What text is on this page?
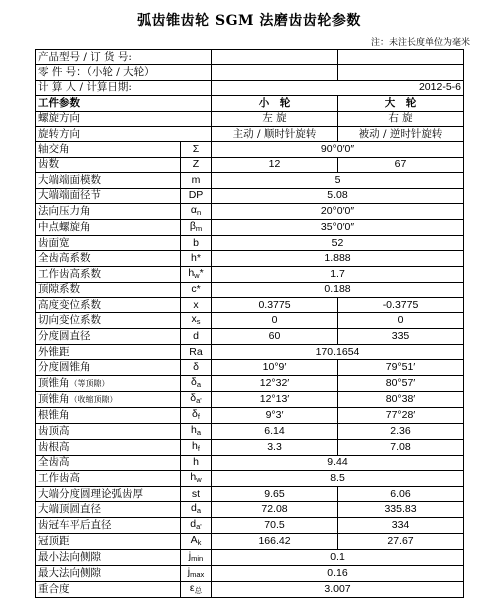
弧齿锥齿轮 SGM 法磨齿齿轮参数
注：未注长度单位为毫米
产品型号 / 订 货 号:			
零 件 号：（小轮 / 大轮）			
计 算 人 / 计算日期:		2012-5-6	
工件参数		小　轮	大　轮
螺旋方向		左 旋	右 旋
旋转方向		主动 / 顺时针旋转	被动 / 逆时针旋转
轴交角	Σ	90°0′0″	
齿数	Z	12	67
大端端面模数	m	5	
大端端面径节	DP	5.08	
法向压力角	$\alpha_n$	20°0′0″	
中点螺旋角	$\beta_m$	35°0′0″	
齿面宽	b	52	
全齿高系数	h*	1.888	
工作齿高系数	$h_w*$	1.7	
顶隙系数	c*	0.188	
高度变位系数	x	0.3775	-0.3775
切向变位系数	$x_s$	0	0
分度圆直径	d	60	335
外锥距	Ra	170.1654	
分度圆锥角	δ	10°9′	79°51′
顶锥角（等顶隙）	$\delta_a$	12°32′	80°57′
顶锥角（收缩顶隙）	$\delta_{a'}$	12°13′	80°38′
根锥角	$\delta_f$	9°3′	77°28′
齿顶高	$h_a$	6.14	2.36
齿根高	$h_f$	3.3	7.08
全齿高	h	9.44	
工作齿高	$h_w$	8.5	
大端分度圆理论弧齿厚	st	9.65	6.06
大端顶圆直径	$d_a$	72.08	335.83
齿冠车平后直径	$d_{a'}$	70.5	334
冠顶距	$A_k$	166.42	27.67
最小法向侧隙	$j_{min}$	0.1	
最大法向侧隙	$j_{max}$	0.16	
重合度	$\varepsilon_总$	3.007	
